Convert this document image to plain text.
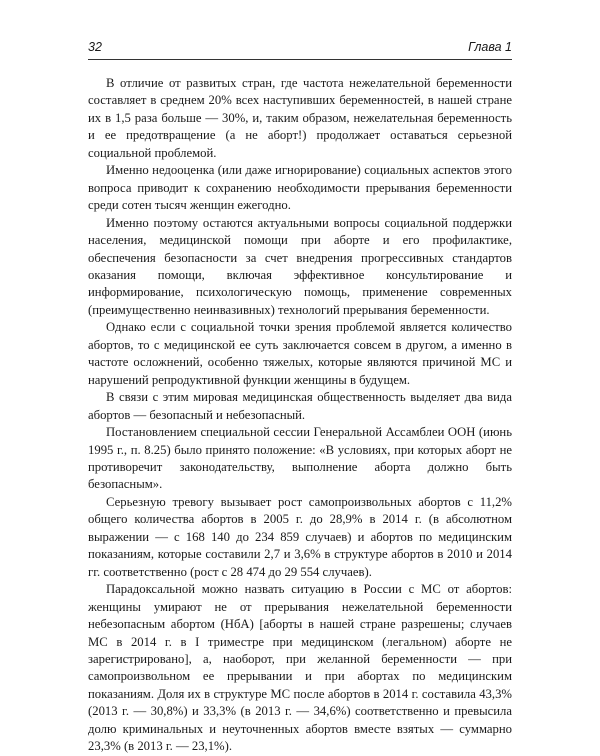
32	Глава 1

В отличие от развитых стран, где частота нежелательной беременности составляет в среднем 20% всех наступивших беременностей, в нашей стране их в 1,5 раза больше — 30%, и, таким образом, нежелательная беременность и ее предотвращение (а не аборт!) продолжает оставаться серьезной социальной проблемой.

Именно недооценка (или даже игнорирование) социальных аспектов этого вопроса приводит к сохранению необходимости прерывания беременности среди сотен тысяч женщин ежегодно.

Именно поэтому остаются актуальными вопросы социальной поддержки населения, медицинской помощи при аборте и его профилактике, обеспечения безопасности за счет внедрения прогрессивных стандартов оказания помощи, включая эффективное консультирование и информирование, психологическую помощь, применение современных (преимущественно неинвазивных) технологий прерывания беременности.

Однако если с социальной точки зрения проблемой является количество абортов, то с медицинской ее суть заключается совсем в другом, а именно в частоте осложнений, особенно тяжелых, которые являются причиной МС и нарушений репродуктивной функции женщины в будущем.

В связи с этим мировая медицинская общественность выделяет два вида абортов — безопасный и небезопасный.

Постановлением специальной сессии Генеральной Ассамблеи ООН (июнь 1995 г., п. 8.25) было принято положение: «В условиях, при которых аборт не противоречит законодательству, выполнение аборта должно быть безопасным».

Серьезную тревогу вызывает рост самопроизвольных абортов с 11,2% общего количества абортов в 2005 г. до 28,9% в 2014 г. (в абсолютном выражении — с 168 140 до 234 859 случаев) и абортов по медицинским показаниям, которые составили 2,7 и 3,6% в структуре абортов в 2010 и 2014 гг. соответственно (рост с 28 474 до 29 554 случаев).

Парадоксальной можно назвать ситуацию в России с МС от абортов: женщины умирают не от прерывания нежелательной беременности небезопасным абортом (НбА) [аборты в нашей стране разрешены; случаев МС в 2014 г. в I триместре при медицинском (легальном) аборте не зарегистрировано], а, наоборот, при желанной беременности — при самопроизвольном ее прерывании и при абортах по медицинским показаниям. Доля их в структуре МС после абортов в 2014 г. составила 43,3% (2013 г. — 30,8%) и 33,3% (в 2013 г. — 34,6%) соответственно и превысила долю криминальных и неуточненных абортов вместе взятых — суммарно 23,3% (в 2013 г. — 23,1%).
